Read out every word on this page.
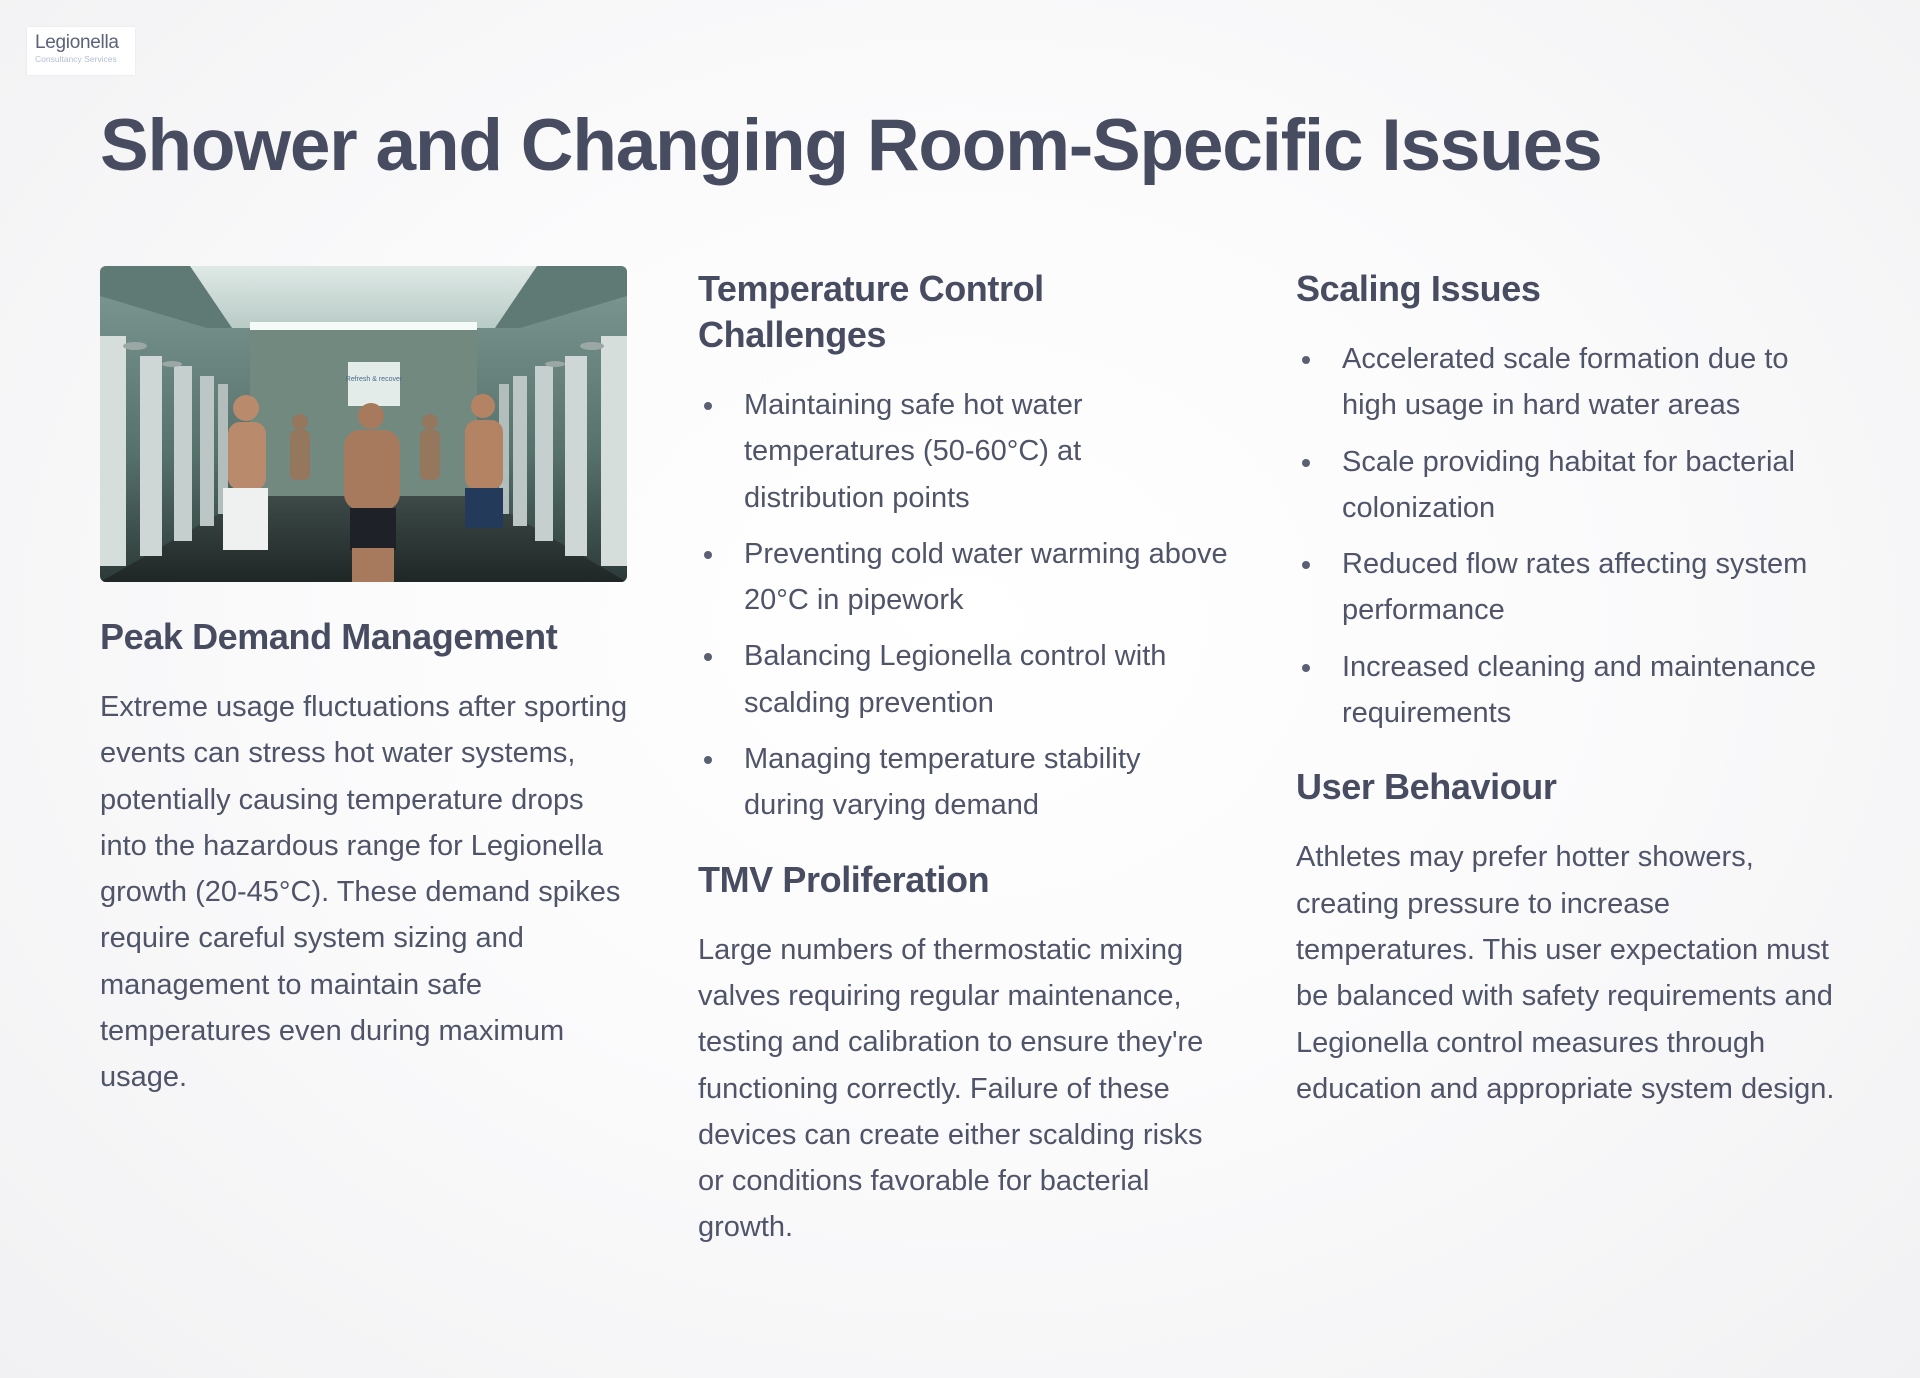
Legionella
Consultancy Services
Shower and Changing Room-Specific Issues
Refresh & recover
Peak Demand Management

Extreme usage fluctuations after sporting events can stress hot water systems, potentially causing temperature drops into the hazardous range for Legionella growth (20-45°C). These demand spikes require careful system sizing and management to maintain safe temperatures even during maximum usage.

Temperature Control Challenges
Maintaining safe hot water temperatures (50-60°C) at distribution points
Preventing cold water warming above 20°C in pipework
Balancing Legionella control with scalding prevention
Managing temperature stability during varying demand
TMV Proliferation

Large numbers of thermostatic mixing valves requiring regular maintenance, testing and calibration to ensure they're functioning correctly. Failure of these devices can create either scalding risks or conditions favorable for bacterial growth.

Scaling Issues
Accelerated scale formation due to high usage in hard water areas
Scale providing habitat for bacterial colonization
Reduced flow rates affecting system performance
Increased cleaning and maintenance requirements
User Behaviour

Athletes may prefer hotter showers, creating pressure to increase temperatures. This user expectation must be balanced with safety requirements and Legionella control measures through education and appropriate system design.
